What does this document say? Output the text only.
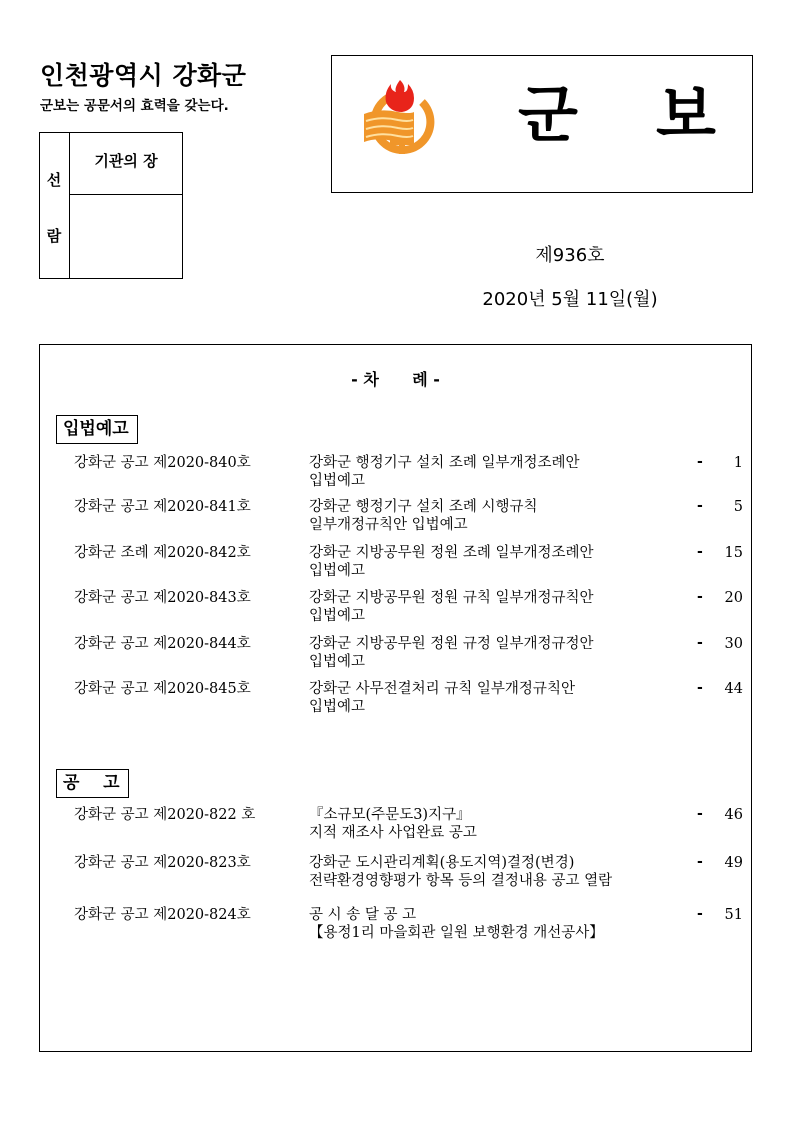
인천광역시 강화군
군보는 공문서의 효력을 갖는다.
선
람
기관의 장
군 보
제936호
2020년 5월 11일(월)
- 차      례 -
입법예고
강화군 공고 제2020-840호	강화군 행정기구 설치 조례 일부개정조례안
입법예고
- 1
강화군 공고 제2020-841호	강화군 행정기구 설치 조례 시행규칙
일부개정규칙안 입법예고
- 5
강화군 조례 제2020-842호	강화군 지방공무원 정원 조례 일부개정조례안
입법예고
- 15
강화군 공고 제2020-843호	강화군 지방공무원 정원 규칙 일부개정규칙안
입법예고
- 20
강화군 공고 제2020-844호	강화군 지방공무원 정원 규정 일부개정규정안
입법예고
- 30
강화군 공고 제2020-845호	강화군 사무전결처리 규칙 일부개정규칙안
입법예고
- 44
공    고
강화군 공고 제2020-822 호	『소규모(주문도3)지구』
지적 재조사 사업완료 공고
- 46
강화군 공고 제2020-823호	강화군 도시관리계획(용도지역)결정(변경)
전략환경영향평가 항목 등의 결정내용 공고 열람
- 49
강화군 공고 제2020-824호	공 시 송 달 공 고
【용정1리 마을회관 일원 보행환경 개선공사】
- 51
